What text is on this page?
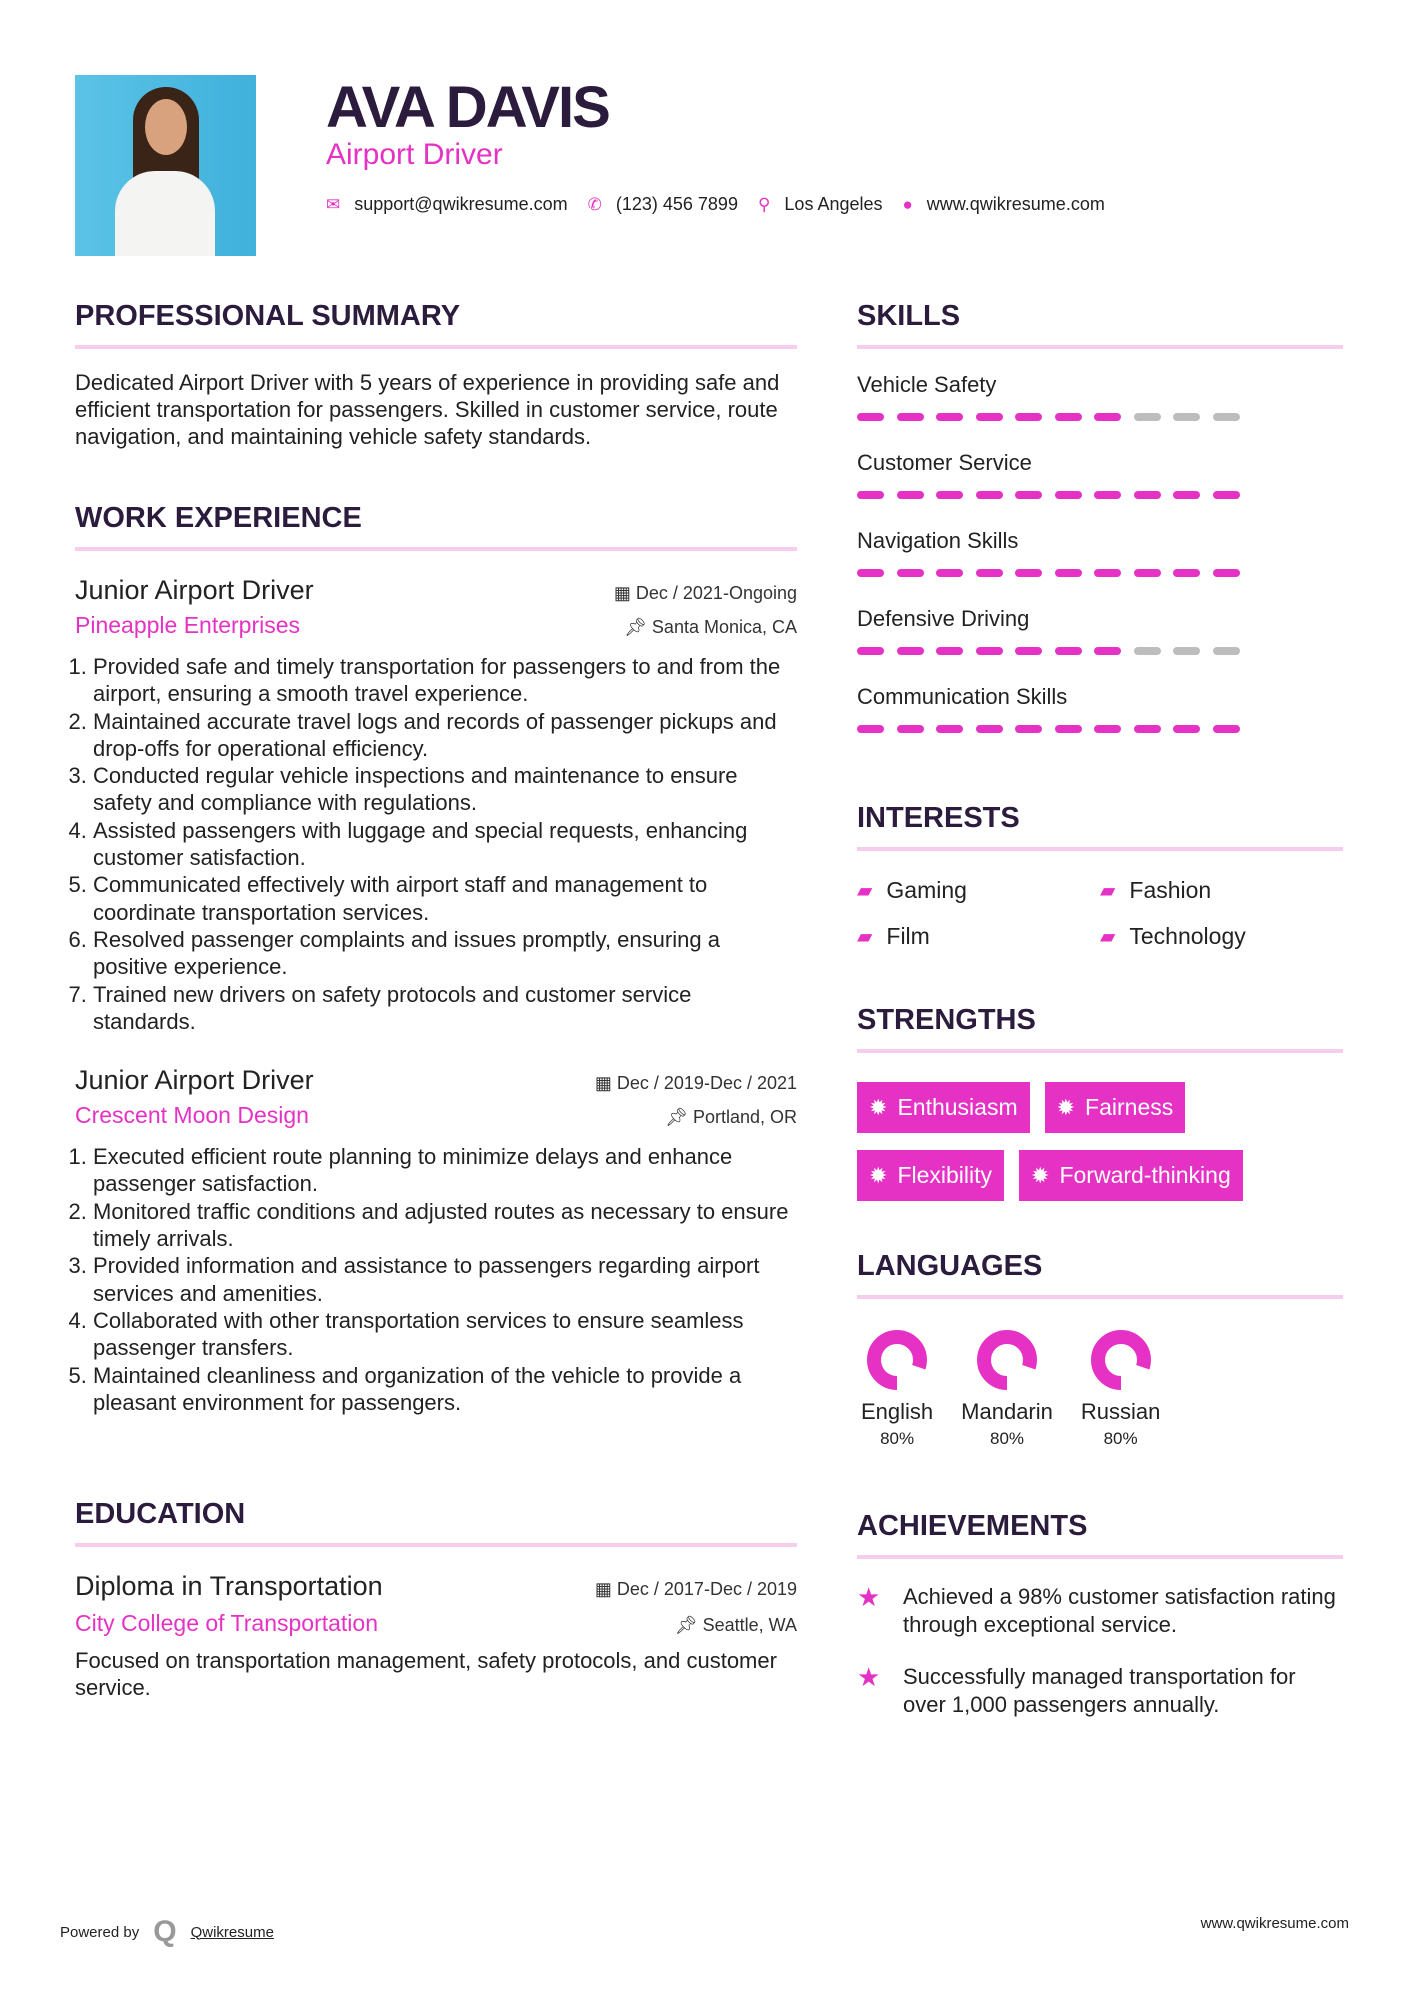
AVA DAVIS
Airport Driver
✉ support@qwikresume.com ✆ (123) 456 7899 ⚲ Los Angeles ● www.qwikresume.com
PROFESSIONAL SUMMARY

Dedicated Airport Driver with 5 years of experience in providing safe and efficient transportation for passengers. Skilled in customer service, route navigation, and maintaining vehicle safety standards.

WORK EXPERIENCE
Junior Airport Driver	▦ Dec / 2021-Ongoing
Pineapple Enterprises	📌︎ Santa Monica, CA
1. Provided safe and timely transportation for passengers to and from the airport, ensuring a smooth travel experience.
2. Maintained accurate travel logs and records of passenger pickups and drop-offs for operational efficiency.
3. Conducted regular vehicle inspections and maintenance to ensure safety and compliance with regulations.
4. Assisted passengers with luggage and special requests, enhancing customer satisfaction.
5. Communicated effectively with airport staff and management to coordinate transportation services.
6. Resolved passenger complaints and issues promptly, ensuring a positive experience.
7. Trained new drivers on safety protocols and customer service standards.
Junior Airport Driver	▦ Dec / 2019-Dec / 2021
Crescent Moon Design	📌︎ Portland, OR
1. Executed efficient route planning to minimize delays and enhance passenger satisfaction.
2. Monitored traffic conditions and adjusted routes as necessary to ensure timely arrivals.
3. Provided information and assistance to passengers regarding airport services and amenities.
4. Collaborated with other transportation services to ensure seamless passenger transfers.
5. Maintained cleanliness and organization of the vehicle to provide a pleasant environment for passengers.
EDUCATION
Diploma in Transportation	▦ Dec / 2017-Dec / 2019
City College of Transportation	📌︎ Seattle, WA

Focused on transportation management, safety protocols, and customer service.

SKILLS
Vehicle Safety
Customer Service
Navigation Skills
Defensive Driving
Communication Skills
INTERESTS
▰ Gaming	▰ Fashion
▰ Film	▰ Technology
STRENGTHS
✹ Enthusiasm ✹ Fairness
✹ Flexibility ✹ Forward-thinking
LANGUAGES
English
80%
Mandarin
80%
Russian
80%
ACHIEVEMENTS
★	Achieved a 98% customer satisfaction rating through exceptional service.
★	Successfully managed transportation for over 1,000 passengers annually.
Powered by Q Qwikresume	www.qwikresume.com
